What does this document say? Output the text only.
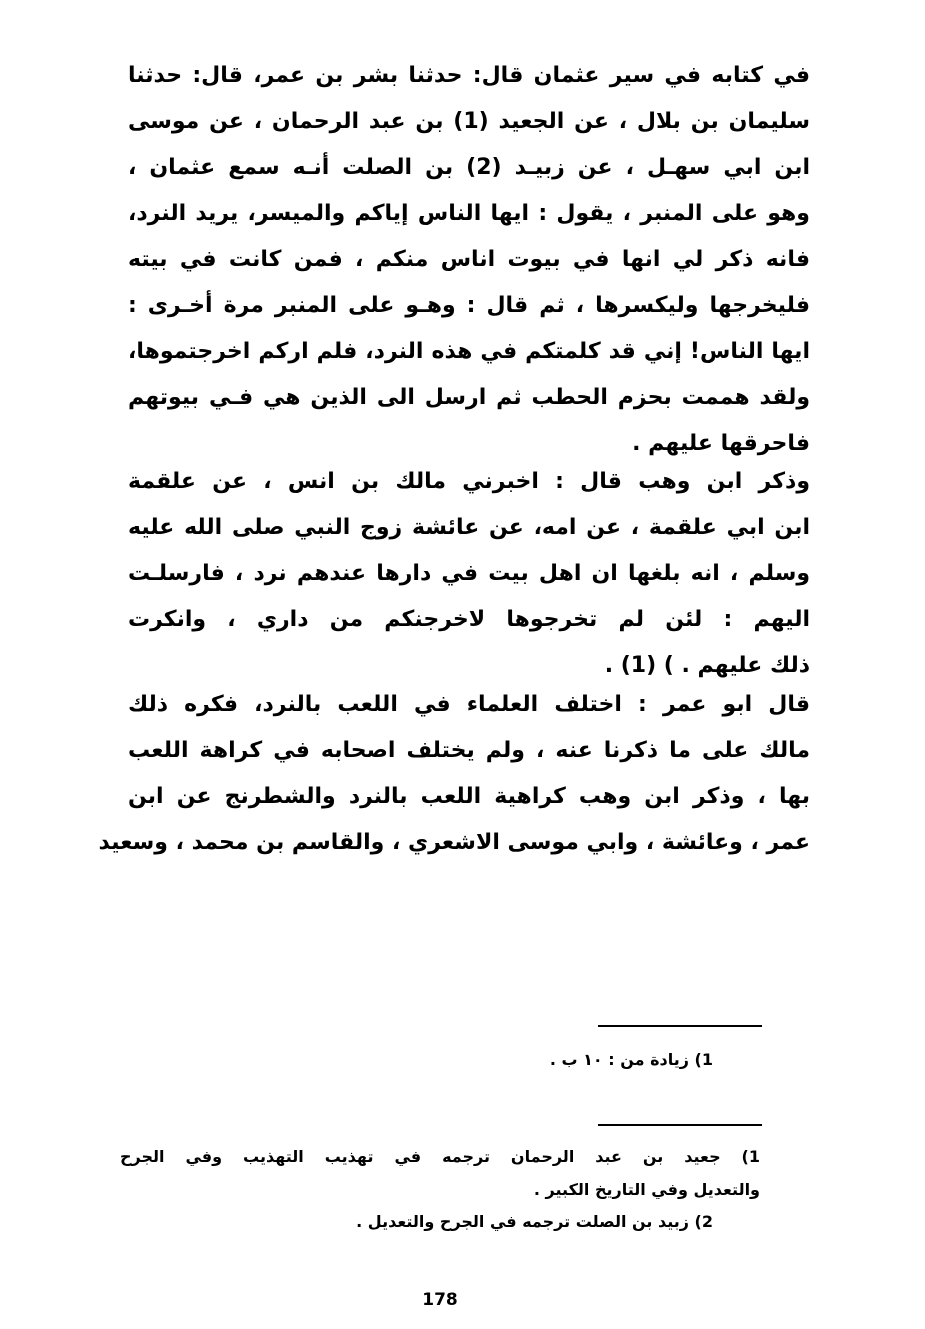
في كتابه في سير عثمان قال: حدثنا بشر بن عمر، قال: حدثنا
سليمان بن بلال ، عن الجعيد (1) بن عبد الرحمان ، عن موسى
ابن ابي سهـل ، عن زبيـد (2) بن الصلت أنـه سمع عثمان ،
وهو على المنبر ، يقول : ايها الناس إياكم والميسر، يريد النرد،
فانه ذكر لي انها في بيوت اناس منكم ، فمن كانت في بيته
فليخرجها وليكسرها ، ثم قال : وهـو على المنبر مرة أخـرى :
ايها الناس! إني قد كلمتكم في هذه النرد، فلم اركم اخرجتموها،
ولقد هممت بحزم الحطب ثم ارسل الى الذين هي فـي بيوتهم
فاحرقها عليهم .
وذكر ابن وهب قال : اخبرني مالك بن انس ، عن علقمة
ابن ابي علقمة ، عن امه، عن عائشة زوج النبي صلى الله عليه
وسلم ، انه بلغها ان اهل بيت في دارها عندهم نرد ، فارسلـت
اليهم : لئن لم تخرجوها لاخرجنكم من داري ، وانكرت
ذلك عليهم . ) (1) .
قال ابو عمر : اختلف العلماء في اللعب بالنرد، فكره ذلك
مالك على ما ذكرنا عنه ، ولم يختلف اصحابه في كراهة اللعب
بها ، وذكر ابن وهب كراهية اللعب بالنرد والشطرنج عن ابن
عمر ، وعائشة ، وابي موسى الاشعري ، والقاسم بن محمد ، وسعيد
1) زيادة من : ١٠ ب .
1) جعيد بن عبد الرحمان ترجمه في تهذيب التهذيب وفي الجرح
والتعديل وفي التاريخ الكبير .
2) زبيد بن الصلت ترجمه في الجرح والتعديل .
178
